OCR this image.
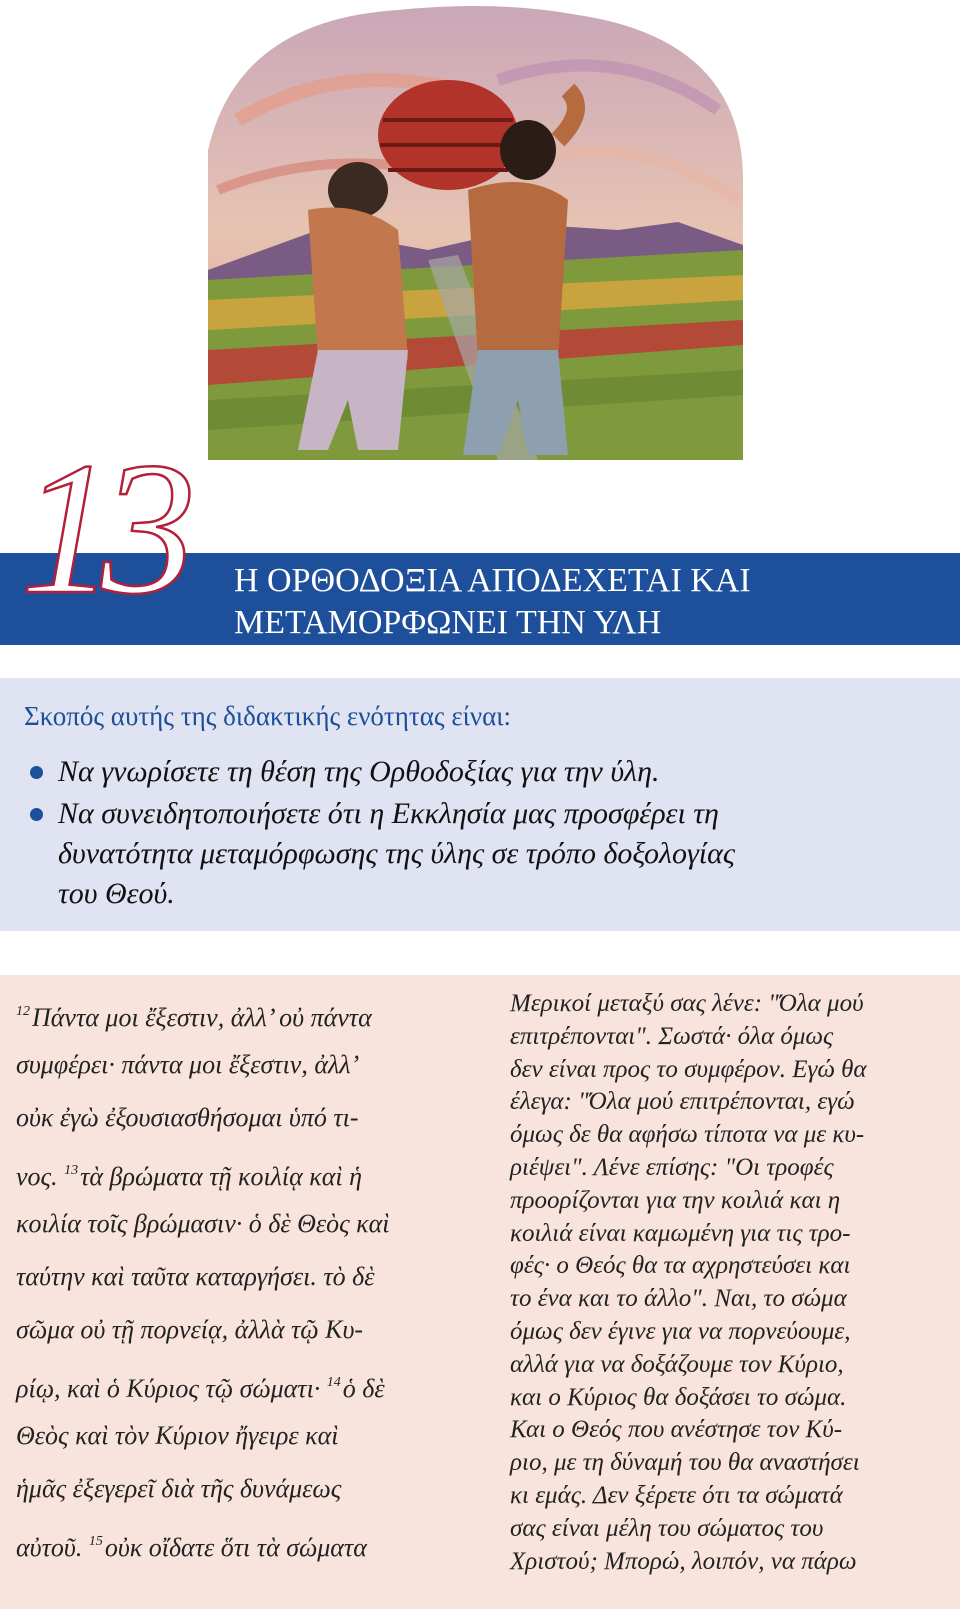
13 Η ΟΡΘΟΔΟΞΙΑ ΑΠΟΔΕΧΕΤΑΙ ΚΑΙ
ΜΕΤΑΜΟΡΦΩΝΕΙ ΤΗΝ ΥΛΗ
Σκοπός αυτής της διδακτικής ενότητας είναι:
Να γνωρίσετε τη θέση της Ορθοδοξίας για την ύλη.
Να συνειδητοποιήσετε ότι η Εκκλησία μας προσφέρει τη
δυνατότητα μεταμόρφωσης της ύλης σε τρόπο δοξολογίας
του Θεού.
$^{12}$Πάντα μοι ἔξεστιν, ἀλλ’ οὐ πάντα
συμφέρει· πάντα μοι ἔξεστιν, ἀλλ’
οὐκ ἐγὼ ἐξουσιασθήσομαι ὑπό τι-
νος. $^{13}$τὰ βρώματα τῇ κοιλίᾳ καὶ ἡ
κοιλία τοῖς βρώμασιν· ὁ δὲ Θεὸς καὶ
ταύτην καὶ ταῦτα καταργήσει. τὸ δὲ
σῶμα οὐ τῇ πορνείᾳ, ἀλλὰ τῷ Κυ-
ρίῳ, καὶ ὁ Κύριος τῷ σώματι· $^{14}$ὁ δὲ
Θεὸς καὶ τὸν Κύριον ἤγειρε καὶ
ἡμᾶς ἐξεγερεῖ διὰ τῆς δυνάμεως
αὐτοῦ. $^{15}$οὐκ οἴδατε ὅτι τὰ σώματα
Μερικοί μεταξύ σας λένε: "Όλα μού
επιτρέπονται". Σωστά· όλα όμως
δεν είναι προς το συμφέρον. Εγώ θα
έλεγα: "Όλα μού επιτρέπονται, εγώ
όμως δε θα αφήσω τίποτα να με κυ-
ριέψει". Λένε επίσης: "Οι τροφές
προορίζονται για την κοιλιά και η
κοιλιά είναι καμωμένη για τις τρο-
φές· ο Θεός θα τα αχρηστεύσει και
το ένα και το άλλο". Ναι, το σώμα
όμως δεν έγινε για να πορνεύουμε,
αλλά για να δοξάζουμε τον Κύριο,
και ο Κύριος θα δοξάσει το σώμα.
Και ο Θεός που ανέστησε τον Κύ-
ριο, με τη δύναμή του θα αναστήσει
κι εμάς. Δεν ξέρετε ότι τα σώματά
σας είναι μέλη του σώματος του
Χριστού; Μπορώ, λοιπόν, να πάρω
